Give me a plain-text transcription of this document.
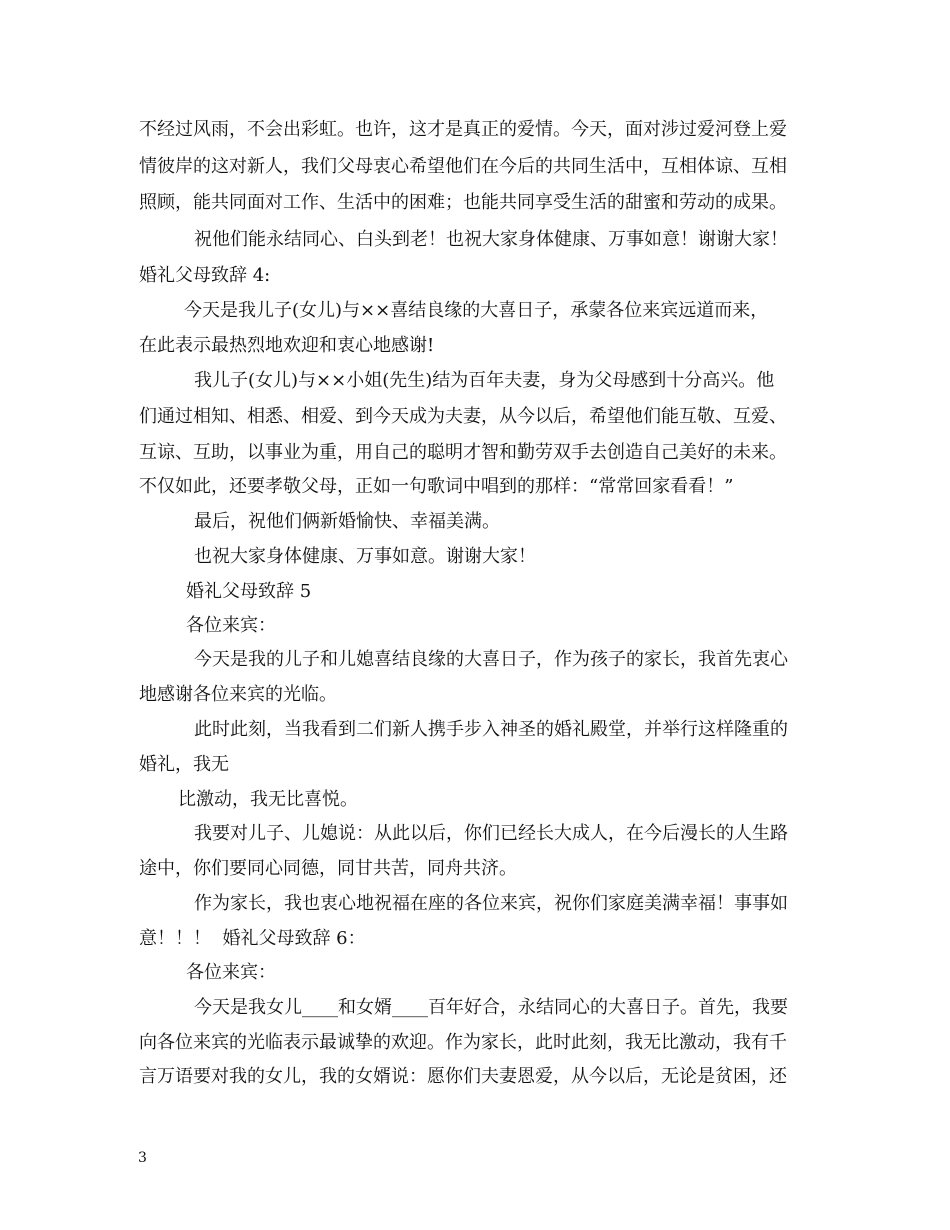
不经过风雨，不会出彩虹。也许，这才是真正的爱情。今天，面对涉过爱河登上爱
情彼岸的这对新人，我们父母衷心希望他们在今后的共同生活中，互相体谅、互相
照顾，能共同面对工作、生活中的困难；也能共同享受生活的甜蜜和劳动的成果。
祝他们能永结同心、白头到老！也祝大家身体健康、万事如意！谢谢大家！
婚礼父母致辞 4:
今天是我儿子(女儿)与××喜结良缘的大喜日子，承蒙各位来宾远道而来，
在此表示最热烈地欢迎和衷心地感谢!
我儿子(女儿)与××小姐(先生)结为百年夫妻，身为父母感到十分高兴。他
们通过相知、相悉、相爱、到今天成为夫妻，从今以后，希望他们能互敬、互爱、
互谅、互助，以事业为重，用自己的聪明才智和勤劳双手去创造自己美好的未来。
不仅如此，还要孝敬父母，正如一句歌词中唱到的那样：“常常回家看看！”
最后，祝他们俩新婚愉快、幸福美满。
也祝大家身体健康、万事如意。谢谢大家！
婚礼父母致辞 5
各位来宾：
今天是我的儿子和儿媳喜结良缘的大喜日子，作为孩子的家长，我首先衷心
地感谢各位来宾的光临。
此时此刻，当我看到二们新人携手步入神圣的婚礼殿堂，并举行这样隆重的
婚礼，我无
比激动，我无比喜悦。
我要对儿子、儿媳说：从此以后，你们已经长大成人，在今后漫长的人生路
途中，你们要同心同德，同甘共苦，同舟共济。
作为家长，我也衷心地祝福在座的各位来宾，祝你们家庭美满幸福！事事如
意！！！  婚礼父母致辞 6：
各位来宾：
今天是我女儿____和女婿____百年好合，永结同心的大喜日子。首先，我要
向各位来宾的光临表示最诚挚的欢迎。作为家长，此时此刻，我无比激动，我有千
言万语要对我的女儿，我的女婿说：愿你们夫妻恩爱，从今以后，无论是贫困，还
3
